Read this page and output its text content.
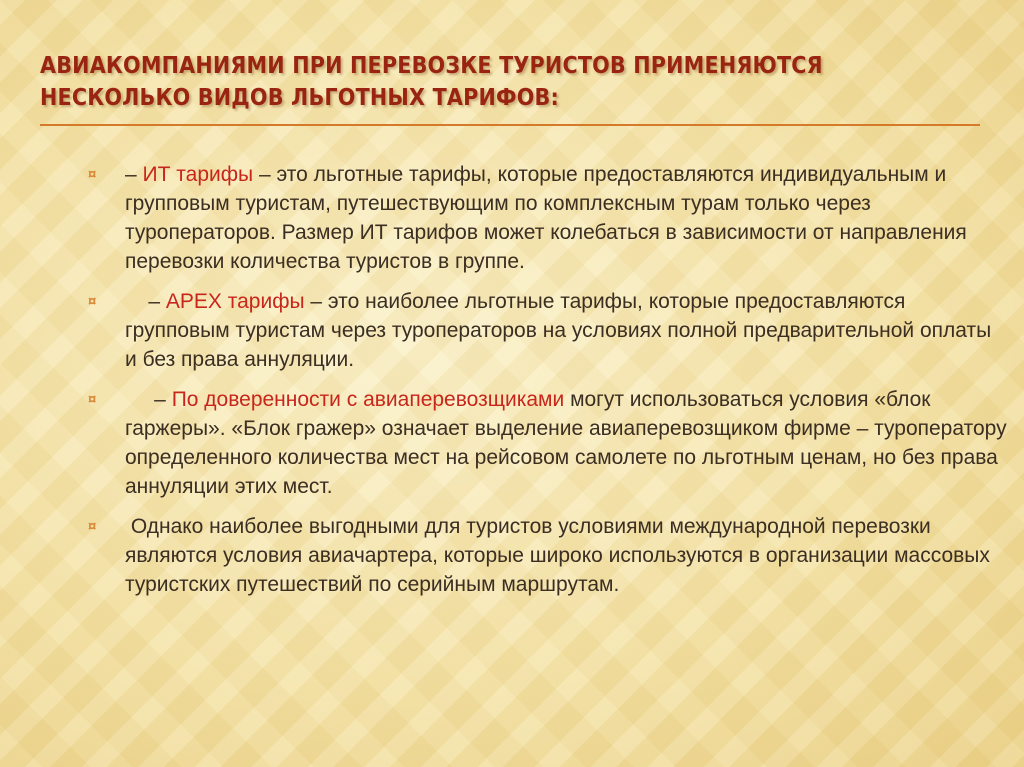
АВИАКОМПАНИЯМИ ПРИ ПЕРЕВОЗКЕ ТУРИСТОВ ПРИМЕНЯЮТСЯ НЕСКОЛЬКО ВИДОВ ЛЬГОТНЫХ ТАРИФОВ:
¤ – ИТ тарифы – это льготные тарифы, которые предоставляются индивидуальным и групповым туристам, путешествующим по комплексным турам только через туроператоров. Размер ИТ тарифов может колебаться в зависимости от направления перевозки количества туристов в группе.
¤ – АРЕХ тарифы – это наиболее льготные тарифы, которые предоставляются групповым туристам через туроператоров на условиях полной предварительной оплаты и без права аннуляции.
¤ – По доверенности с авиаперевозщиками могут использоваться условия «блок гаржеры». «Блок гражер» означает выделение авиаперевозщиком фирме – туроператору определенного количества мест на рейсовом самолете по льготным ценам, но без права аннуляции этих мест.
¤ Однако наиболее выгодными для туристов условиями международной перевозки являются условия авиачартера, которые широко используются в организации массовых туристских путешествий по серийным маршрутам.
